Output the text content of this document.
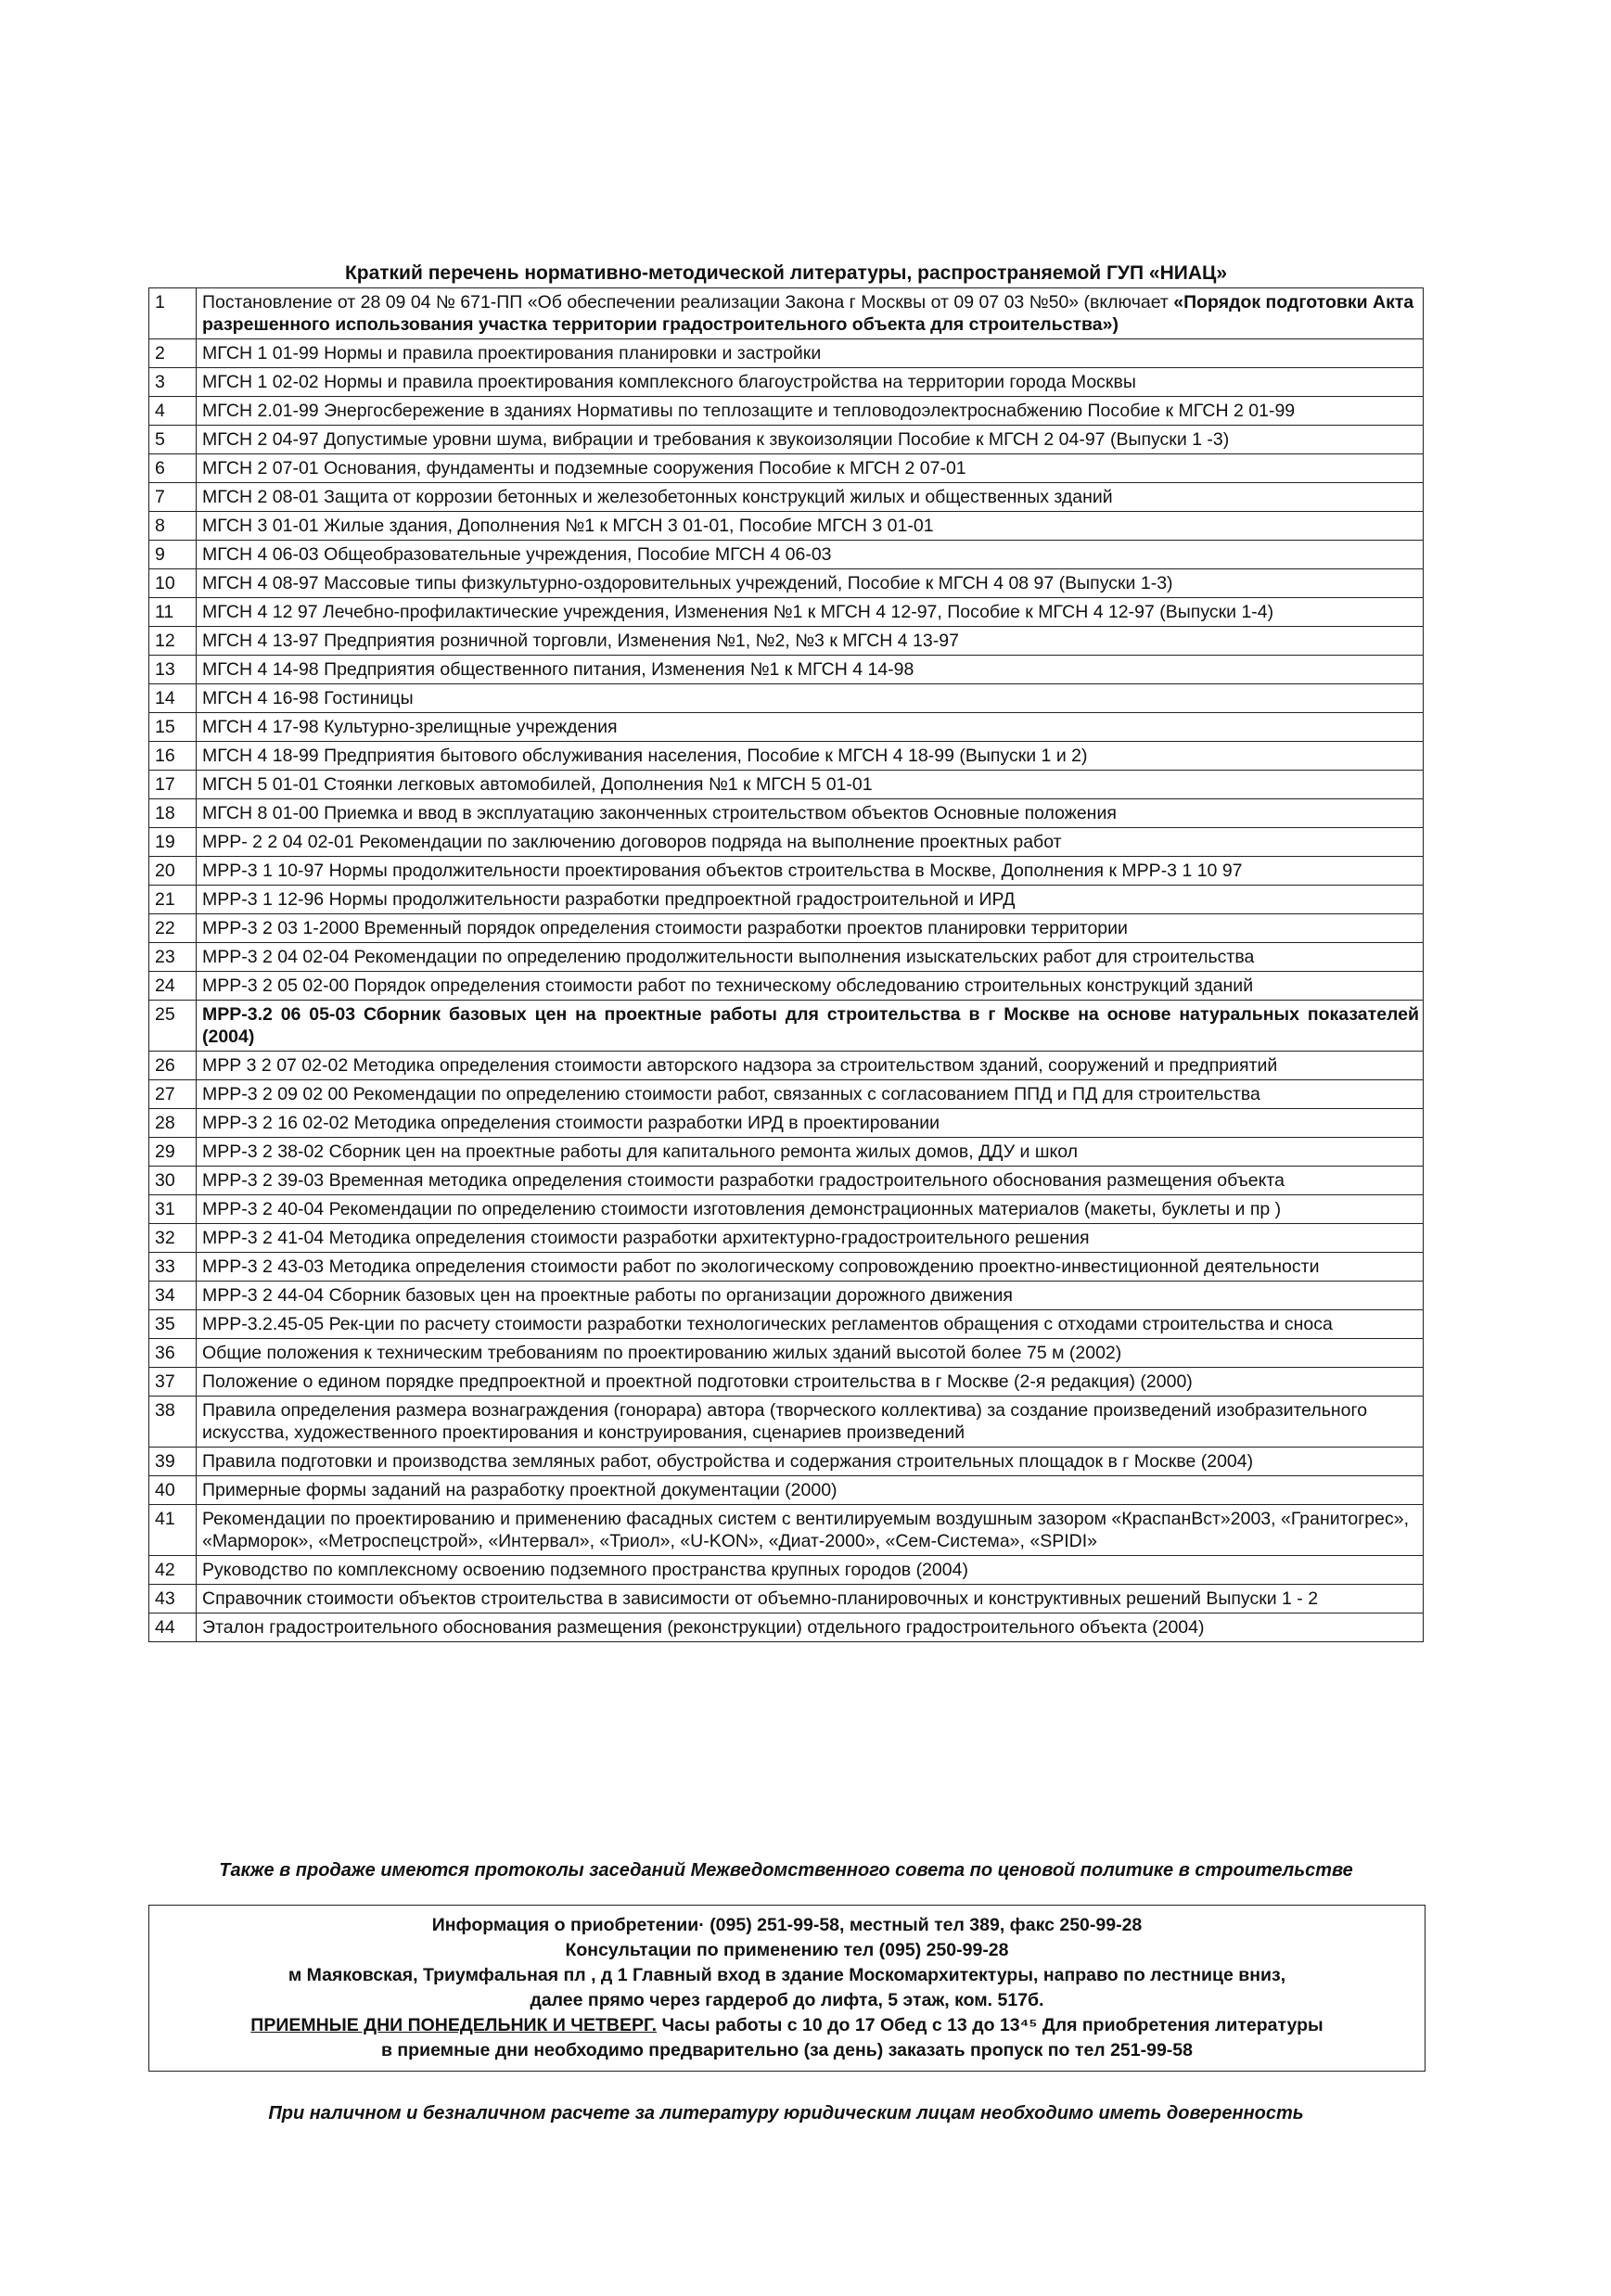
Краткий перечень нормативно-методической литературы, распространяемой ГУП «НИАЦ»
1	Постановление от 28 09 04 № 671-ПП «Об обеспечении реализации Закона г Москвы от 09 07 03 №50» (включает «Порядок подготовки Акта разрешенного использования участка территории градостроительного объекта для строительства»)
2	МГСН 1 01-99 Нормы и правила проектирования планировки и застройки
3	МГСН 1 02-02 Нормы и правила проектирования комплексного благоустройства на территории города Москвы
4	МГСН 2.01-99 Энергосбережение в зданиях Нормативы по теплозащите и тепловодоэлектроснабжению Пособие к МГСН 2 01-99
5	МГСН 2 04-97 Допустимые уровни шума, вибрации и требования к звукоизоляции Пособие к МГСН 2 04-97 (Выпуски 1 -3)
6	МГСН 2 07-01 Основания, фундаменты и подземные сооружения Пособие к МГСН 2 07-01
7	МГСН 2 08-01 Защита от коррозии бетонных и железобетонных конструкций жилых и общественных зданий
8	МГСН 3 01-01 Жилые здания, Дополнения №1 к МГСН 3 01-01, Пособие МГСН 3 01-01
9	МГСН 4 06-03 Общеобразовательные учреждения, Пособие МГСН 4 06-03
10	МГСН 4 08-97 Массовые типы физкультурно-оздоровительных учреждений, Пособие к МГСН 4 08 97 (Выпуски 1-3)
11	МГСН 4 12 97 Лечебно-профилактические учреждения, Изменения №1 к МГСН 4 12-97, Пособие к МГСН 4 12-97 (Выпуски 1-4)
12	МГСН 4 13-97 Предприятия розничной торговли, Изменения №1, №2, №3 к МГСН 4 13-97
13	МГСН 4 14-98 Предприятия общественного питания, Изменения №1 к МГСН 4 14-98
14	МГСН 4 16-98 Гостиницы
15	МГСН 4 17-98 Культурно-зрелищные учреждения
16	МГСН 4 18-99 Предприятия бытового обслуживания населения, Пособие к МГСН 4 18-99 (Выпуски 1 и 2)
17	МГСН 5 01-01 Стоянки легковых автомобилей, Дополнения №1 к МГСН 5 01-01
18	МГСН 8 01-00 Приемка и ввод в эксплуатацию законченных строительством объектов Основные положения
19	МРР- 2 2 04 02-01 Рекомендации по заключению договоров подряда на выполнение проектных работ
20	МРР-3 1 10-97 Нормы продолжительности проектирования объектов строительства в Москве, Дополнения к МРР-3 1 10 97
21	МРР-3 1 12-96 Нормы продолжительности разработки предпроектной градостроительной и ИРД
22	МРР-3 2 03 1-2000 Временный порядок определения стоимости разработки проектов планировки территории
23	МРР-3 2 04 02-04 Рекомендации по определению продолжительности выполнения изыскательских работ для строительства
24	МРР-3 2 05 02-00 Порядок определения стоимости работ по техническому обследованию строительных конструкций зданий
25	МРР-3.2 06 05-03 Сборник базовых цен на проектные работы для строительства в г Москве на основе натуральных показателей (2004)
26	МРР 3 2 07 02-02 Методика определения стоимости авторского надзора за строительством зданий, сооружений и предприятий
27	МРР-3 2 09 02 00 Рекомендации по определению стоимости работ, связанных с согласованием ППД и ПД для строительства
28	МРР-3 2 16 02-02 Методика определения стоимости разработки ИРД в проектировании
29	МРР-3 2 38-02 Сборник цен на проектные работы для капитального ремонта жилых домов, ДДУ и школ
30	МРР-3 2 39-03 Временная методика определения стоимости разработки градостроительного обоснования размещения объекта
31	МРР-3 2 40-04 Рекомендации по определению стоимости изготовления демонстрационных материалов (макеты, буклеты и пр )
32	МРР-3 2 41-04 Методика определения стоимости разработки архитектурно-градостроительного решения
33	МРР-3 2 43-03 Методика определения стоимости работ по экологическому сопровождению проектно-инвестиционной деятельности
34	МРР-3 2 44-04 Сборник базовых цен на проектные работы по организации дорожного движения
35	МРР-3.2.45-05 Рек-ции по расчету стоимости разработки технологических регламентов обращения с отходами строительства и сноса
36	Общие положения к техническим требованиям по проектированию жилых зданий высотой более 75 м (2002)
37	Положение о едином порядке предпроектной и проектной подготовки строительства в г Москве (2-я редакция) (2000)
38	Правила определения размера вознаграждения (гонорара) автора (творческого коллектива) за создание произведений изобразительного искусства, художественного проектирования и конструирования, сценариев произведений
39	Правила подготовки и производства земляных работ, обустройства и содержания строительных площадок в г Москве (2004)
40	Примерные формы заданий на разработку проектной документации (2000)
41	Рекомендации по проектированию и применению фасадных систем с вентилируемым воздушным зазором «КраспанВст»2003, «Гранитогрес», «Марморок», «Метроспецстрой», «Интервал», «Триол», «U-KON», «Диат-2000», «Сем-Система», «SPIDI»
42	Руководство по комплексному освоению подземного пространства крупных городов (2004)
43	Справочник стоимости объектов строительства в зависимости от объемно-планировочных и конструктивных решений Выпуски 1 - 2
44	Эталон градостроительного обоснования размещения (реконструкции) отдельного градостроительного объекта (2004)
Также в продаже имеются протоколы заседаний Межведомственного совета по ценовой политике в строительстве
Информация о приобретении· (095) 251-99-58, местный тел 389, факс 250-99-28
Консультации по применению тел (095) 250-99-28
м Маяковская, Триумфальная пл , д 1 Главный вход в здание Москомархитектуры, направо по лестнице вниз,
далее прямо через гардероб до лифта, 5 этаж, ком. 517б.
ПРИЕМНЫЕ ДНИ ПОНЕДЕЛЬНИК И ЧЕТВЕРГ. Часы работы с 10 до 17 Обед с 13 до 13⁴⁵ Для приобретения литературы
в приемные дни необходимо предварительно (за день) заказать пропуск по тел 251-99-58
При наличном и безналичном расчете за литературу юридическим лицам необходимо иметь доверенность
